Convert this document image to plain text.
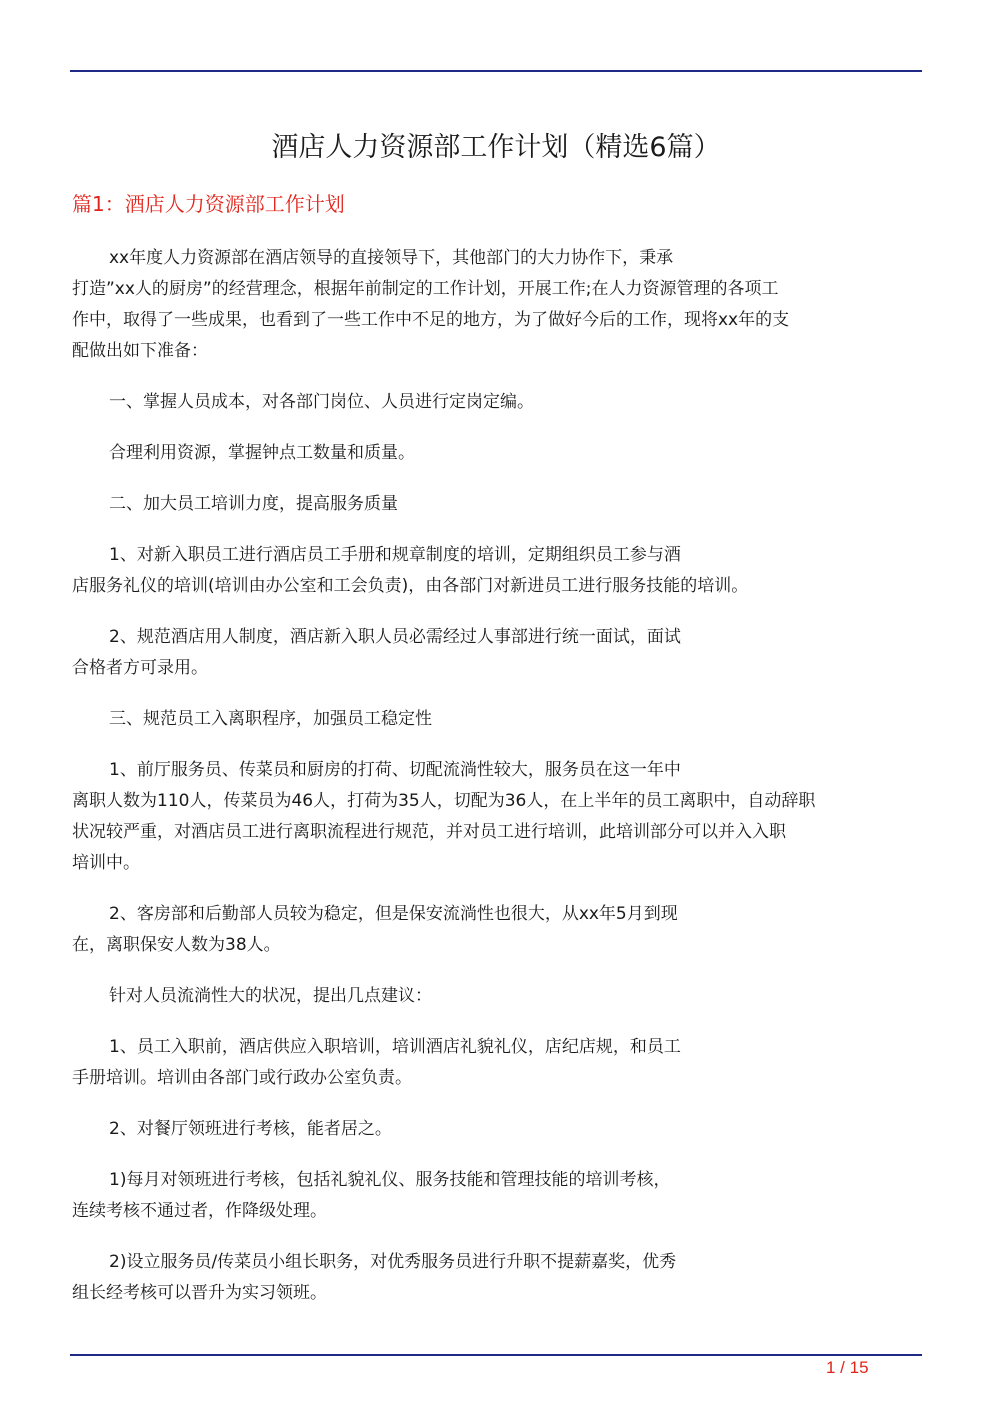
酒店人力资源部工作计划（精选6篇）
篇1：酒店人力资源部工作计划

xx年度人力资源部在酒店领导的直接领导下，其他部门的大力协作下，秉承
打造”xx人的厨房”的经营理念，根据年前制定的工作计划，开展工作;在人力资源管理的各项工
作中，取得了一些成果，也看到了一些工作中不足的地方，为了做好今后的工作，现将xx年的支
配做出如下准备：

一、掌握人员成本，对各部门岗位、人员进行定岗定编。

合理利用资源，掌握钟点工数量和质量。

二、加大员工培训力度，提高服务质量

1、对新入职员工进行酒店员工手册和规章制度的培训，定期组织员工参与酒
店服务礼仪的培训(培训由办公室和工会负责)，由各部门对新进员工进行服务技能的培训。

2、规范酒店用人制度，酒店新入职人员必需经过人事部进行统一面试，面试
合格者方可录用。

三、规范员工入离职程序，加强员工稳定性

1、前厅服务员、传菜员和厨房的打荷、切配流淌性较大，服务员在这一年中
离职人数为110人，传菜员为46人，打荷为35人，切配为36人，在上半年的员工离职中，自动辞职
状况较严重，对酒店员工进行离职流程进行规范，并对员工进行培训，此培训部分可以并入入职
培训中。

2、客房部和后勤部人员较为稳定，但是保安流淌性也很大，从xx年5月到现
在，离职保安人数为38人。

针对人员流淌性大的状况，提出几点建议：

1、员工入职前，酒店供应入职培训，培训酒店礼貌礼仪，店纪店规，和员工
手册培训。培训由各部门或行政办公室负责。

2、对餐厅领班进行考核，能者居之。

1)每月对领班进行考核，包括礼貌礼仪、服务技能和管理技能的培训考核，
连续考核不通过者，作降级处理。

2)设立服务员/传菜员小组长职务，对优秀服务员进行升职不提薪嘉奖，优秀
组长经考核可以晋升为实习领班。

1 / 15
